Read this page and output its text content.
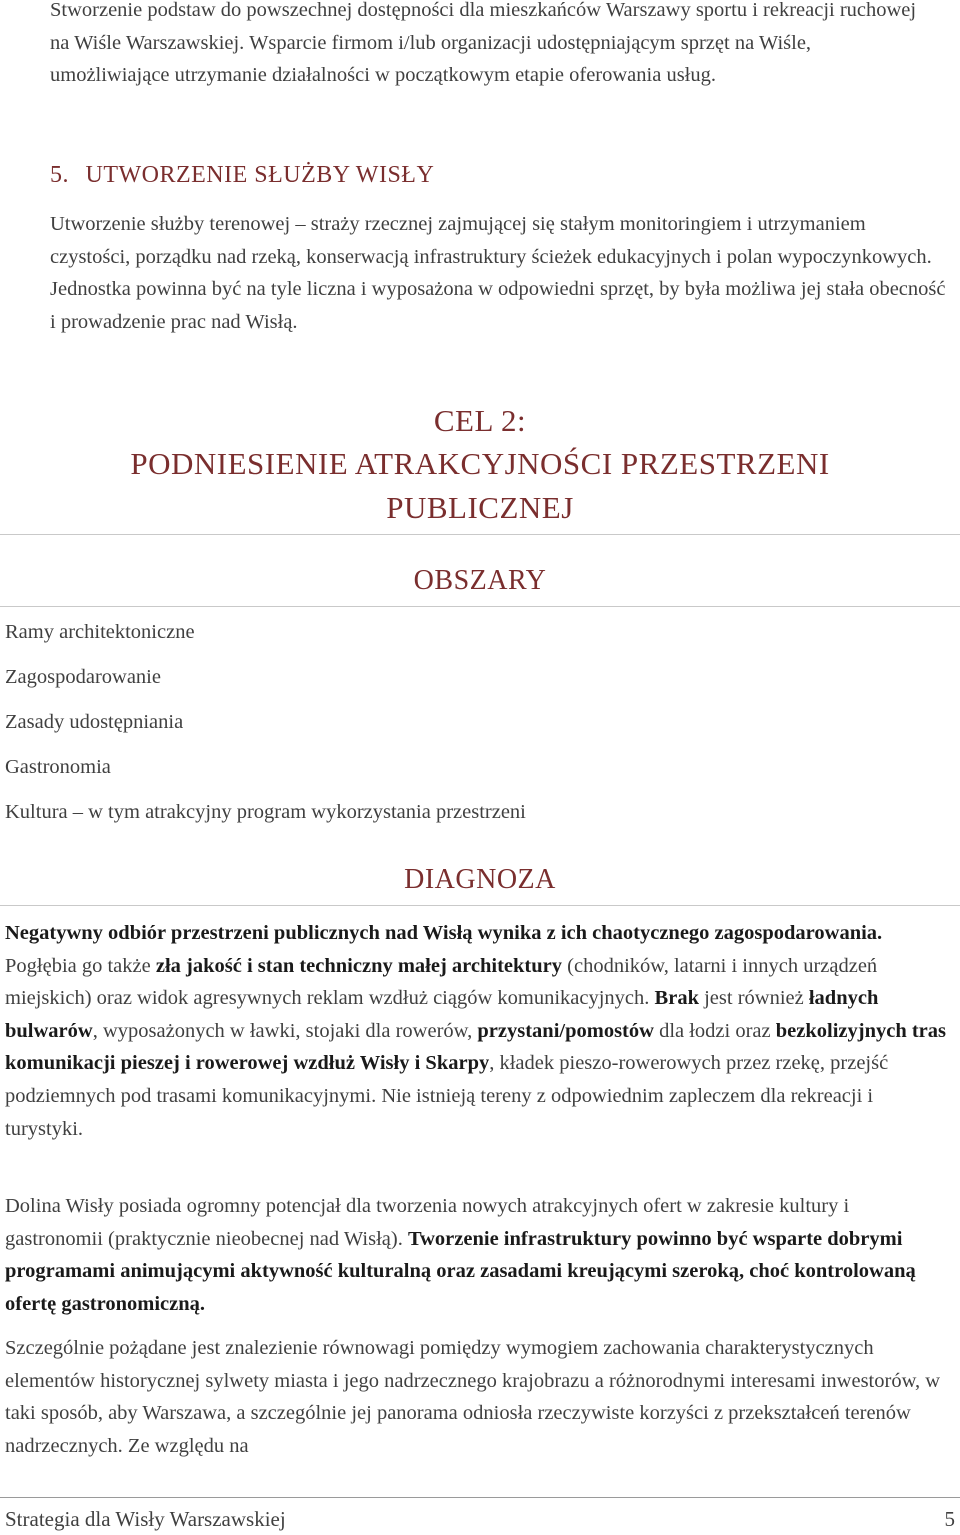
Stworzenie podstaw do powszechnej dostępności dla mieszkańców Warszawy sportu i rekreacji ruchowej na Wiśle Warszawskiej. Wsparcie firmom i/lub organizacji udostępniającym sprzęt na Wiśle, umożliwiające utrzymanie działalności w początkowym etapie oferowania usług.

5. UTWORZENIE SŁUŻBY WISŁY

Utworzenie służby terenowej – straży rzecznej zajmującej się stałym monitoringiem i utrzymaniem czystości, porządku nad rzeką, konserwacją infrastruktury ścieżek edukacyjnych i polan wypoczynkowych. Jednostka powinna być na tyle liczna i wyposażona w odpowiedni sprzęt, by była możliwa jej stała obecność i prowadzenie prac nad Wisłą.

CEL 2:
PODNIESIENIE ATRAKCYJNOŚCI PRZESTRZENI
PUBLICZNEJ
OBSZARY
Ramy architektoniczne
Zagospodarowanie
Zasady udostępniania
Gastronomia
Kultura – w tym atrakcyjny program wykorzystania przestrzeni
DIAGNOZA

Negatywny odbiór przestrzeni publicznych nad Wisłą wynika z ich chaotycznego zagospodarowania. Pogłębia go także zła jakość i stan techniczny małej architektury (chodników, latarni i innych urządzeń miejskich) oraz widok agresywnych reklam wzdłuż ciągów komunikacyjnych. Brak jest również ładnych bulwarów, wyposażonych w ławki, stojaki dla rowerów, przystani/pomostów dla łodzi oraz bezkolizyjnych tras komunikacji pieszej i rowerowej wzdłuż Wisły i Skarpy, kładek pieszo-rowerowych przez rzekę, przejść podziemnych pod trasami komunikacyjnymi. Nie istnieją tereny z odpowiednim zapleczem dla rekreacji i turystyki.

Dolina Wisły posiada ogromny potencjał dla tworzenia nowych atrakcyjnych ofert w zakresie kultury i gastronomii (praktycznie nieobecnej nad Wisłą). Tworzenie infrastruktury powinno być wsparte dobrymi programami animującymi aktywność kulturalną oraz zasadami kreującymi szeroką, choć kontrolowaną ofertę gastronomiczną.

Szczególnie pożądane jest znalezienie równowagi pomiędzy wymogiem zachowania charakterystycznych elementów historycznej sylwety miasta i jego nadrzecznego krajobrazu a różnorodnymi interesami inwestorów, w taki sposób, aby Warszawa, a szczególnie jej panorama odniosła rzeczywiste korzyści z przekształceń terenów nadrzecznych. Ze względu na

Strategia dla Wisły Warszawskiej	5
